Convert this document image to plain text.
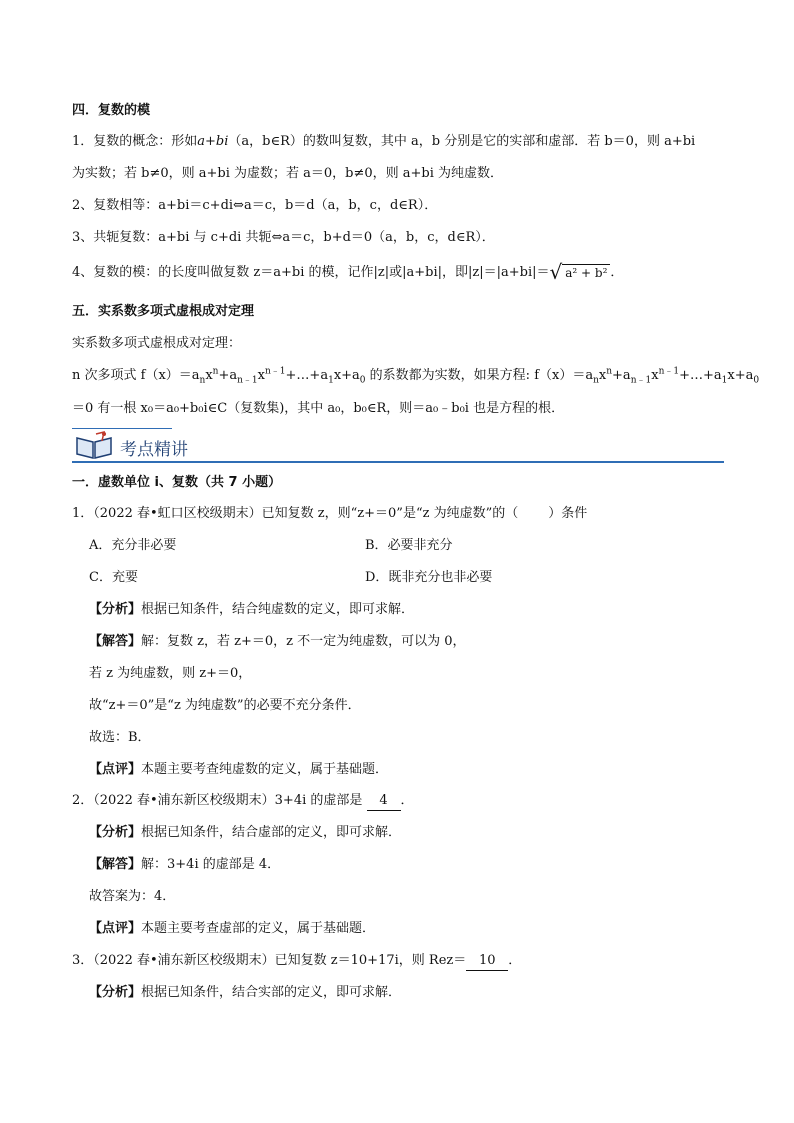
四．复数的模
1．复数的概念：形如a+bi（a，b∈R）的数叫复数，其中 a，b 分别是它的实部和虚部．若 b＝0，则 a+bi
为实数；若 b≠0，则 a+bi 为虚数；若 a＝0，b≠0，则 a+bi 为纯虚数．
2、复数相等：a+bi＝c+di⇔a＝c，b＝d（a，b，c，d∈R）．
3、共轭复数：a+bi 与 c+di 共轭⇔a＝c，b+d＝0（a，b，c，d∈R）．
4、复数的模：的长度叫做复数 z＝a+bi 的模，记作|z|或|a+bi|，即|z|＝|a+bi|＝ √ a² + b² ．
五．实系数多项式虚根成对定理
实系数多项式虚根成对定理：
n 次多项式 $f(x)=a_nx^n+a_{n﹣1}x^{n﹣1}+\dots+a_1x+a_0$ 的系数都为实数，如果方程: $f(x)=a_nx^n+a_{n﹣1}x^{n﹣1}+\dots+a_1x+a_0$
＝0 有一根 x₀＝a₀+b₀i∈C（复数集)，其中 a₀，b₀∈R，则＝a₀﹣b₀i 也是方程的根．
考点精讲
一．虚数单位 i、复数（共 7 小题）
1．（2022 春•虹口区校级期末）已知复数 z，则“z+＝0”是“z 为纯虚数”的（ ）条件
A．充分非必要	B．必要非充分
C．充要	D．既非充分也非必要
【分析】根据已知条件，结合纯虚数的定义，即可求解．
【解答】解：复数 z，若 z+＝0，z 不一定为纯虚数，可以为 0，
若 z 为纯虚数，则 z+＝0，
故“z+＝0”是“z 为纯虚数”的必要不充分条件．
故选：B．
【点评】本题主要考查纯虚数的定义，属于基础题．
2．（2022 春•浦东新区校级期末）3+4i 的虚部是 4 ．
【分析】根据已知条件，结合虚部的定义，即可求解．
【解答】解：3+4i 的虚部是 4．
故答案为：4．
【点评】本题主要考查虚部的定义，属于基础题．
3．（2022 春•浦东新区校级期末）已知复数 z＝10+17i，则 Rez＝ 10 ．
【分析】根据已知条件，结合实部的定义，即可求解．
